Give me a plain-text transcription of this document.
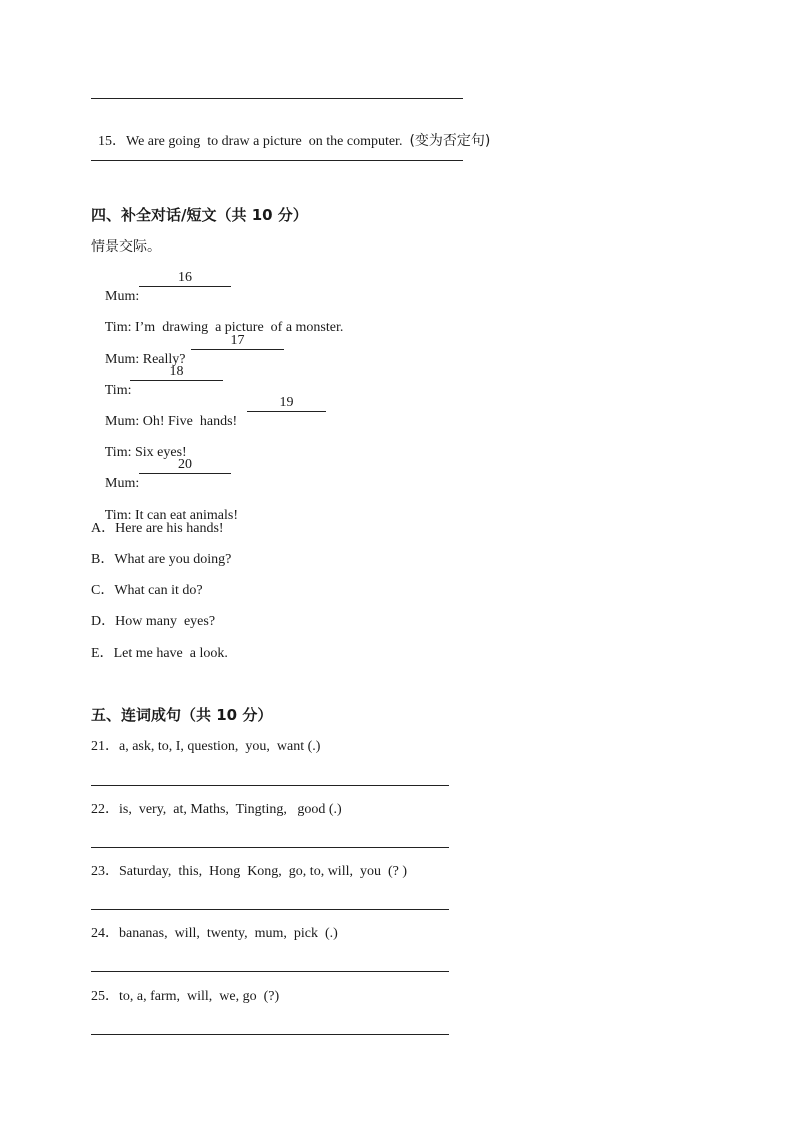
15．We are going  to draw a picture  on the computer. (变为否定句)

四、补全对话/短文（共 10 分）
情景交际。

Mum:

16

Tim: I’m  drawing  a picture  of a monster.

Mum: Really?

17

Tim:

18

Mum: Oh! Five  hands!

19

Tim: Six eyes!

Mum:

20

Tim: It can eat animals!

A．Here are his hands!
B．What are you doing?
C．What can it do?
D．How many  eyes?
E．Let me have  a look.
五、连词成句（共 10 分）
21．a, ask, to, I, question,  you,  want (.)
22．is,  very,  at, Maths,  Tingting,   good (.)
23．Saturday,  this,  Hong  Kong,  go, to, will,  you  (? )
24．bananas,  will,  twenty,  mum,  pick  (.)
25．to, a, farm,  will,  we, go  (?)
